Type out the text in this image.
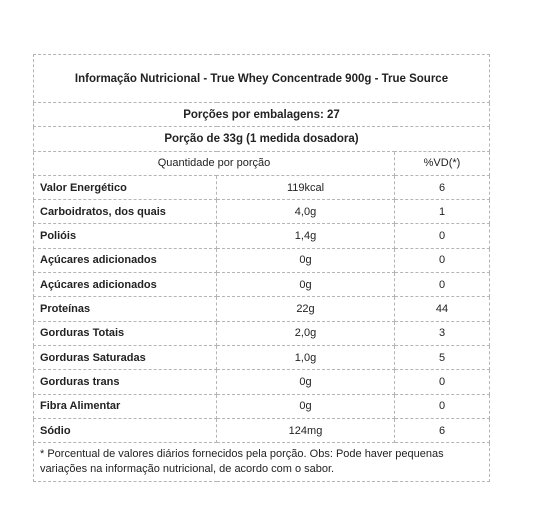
Informação Nutricional - True Whey Concentrade 900g - True Source		
Porções por embalagens: 27		
Porção de 33g (1 medida dosadora)		
Quantidade por porção		%VD(*)
Valor Energético	119kcal	6
Carboidratos, dos quais	4,0g	1
Polióis	1,4g	0
Açúcares adicionados	0g	0
Açúcares adicionados	0g	0
Proteínas	22g	44
Gorduras Totais	2,0g	3
Gorduras Saturadas	1,0g	5
Gorduras trans	0g	0
Fibra Alimentar	0g	0
Sódio	124mg	6
* Porcentual de valores diários fornecidos pela porção. Obs: Pode haver pequenas variações na informação nutricional, de acordo com o sabor.		
